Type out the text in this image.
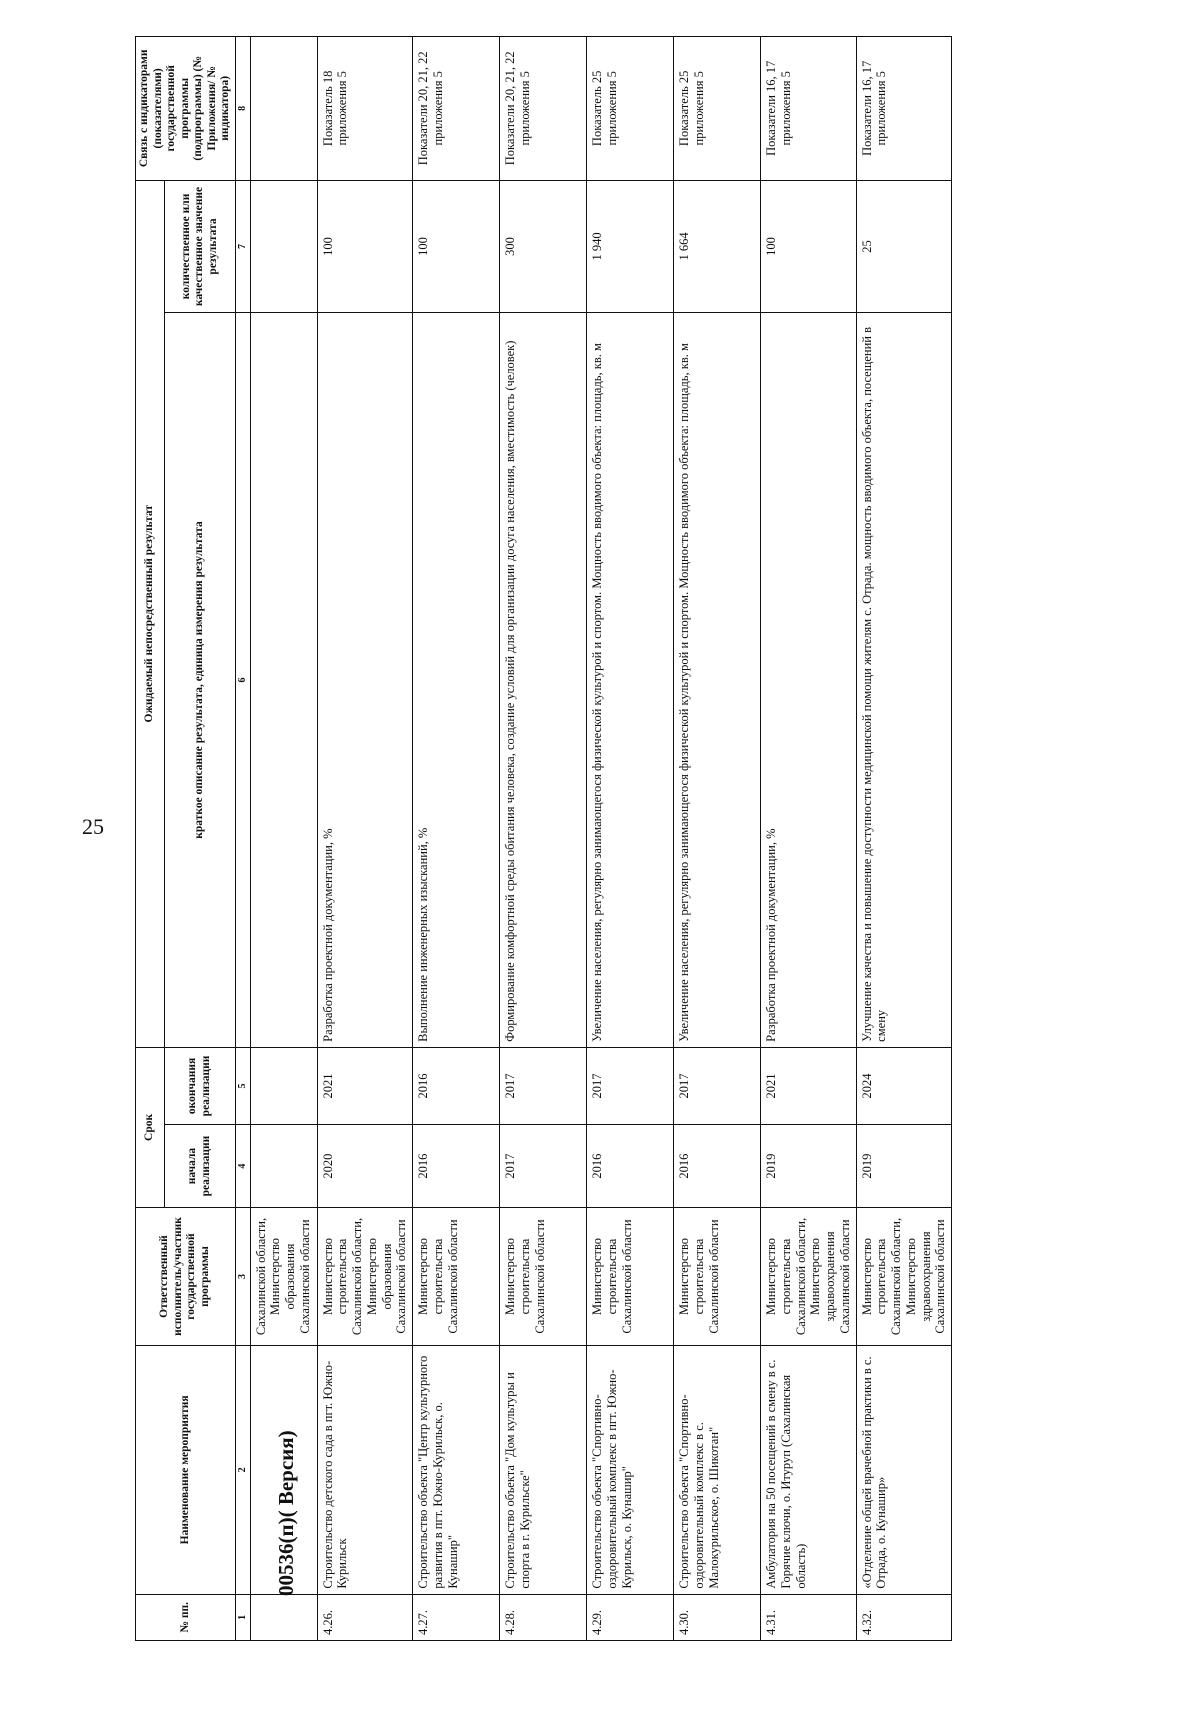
25
№ пп.	Наименование мероприятия	Ответственный исполнитель/участник государственной программы	Срок		Ожидаемый непосредственный результат		Связь с индикаторами (показателями) государственной программы (подпрограммы) (№ Приложения/ № индикатора)
			начала реализации	окончания реализации	краткое описание результата, единица измерения результата	количественное или качественное значение результата	
1	2	3	4	5	6	7	8
		Сахалинской области, Министерство образования Сахалинской области					
4.26.	Строительство детского сада в пгт. Южно-Курильск	Министерство строительства Сахалинской области, Министерство образования Сахалинской области	2020	2021	Разработка проектной документации, %	100	Показатель 18 приложения 5
4.27.	Строительство объекта "Центр культурного развития в пгт. Южно-Курильск, о. Кунашир"	Министерство строительства Сахалинской области	2016	2016	Выполнение инженерных изысканий, %	100	Показатели 20, 21, 22 приложения 5
4.28.	Строительство объекта "Дом культуры и спорта в г. Курильске"	Министерство строительства Сахалинской области	2017	2017	Формирование комфортной среды обитания человека, создание условий для организации досуга населения, вместимость (человек)	300	Показатели 20, 21, 22 приложения 5
4.29.	Строительство объекта "Спортивно-оздоровительный комплекс в пгт. Южно-Курильск, о. Кунашир"	Министерство строительства Сахалинской области	2016	2017	Увеличение населения, регулярно занимающегося физической культурой и спортом. Мощность вводимого объекта: площадь, кв. м	1 940	Показатель 25 приложения 5
4.30.	Строительство объекта "Спортивно-оздоровительный комплекс в с. Малокурильское, о. Шикотан"	Министерство строительства Сахалинской области	2016	2017	Увеличение населения, регулярно занимающегося физической культурой и спортом. Мощность вводимого объекта: площадь, кв. м	1 664	Показатель 25 приложения 5
4.31.	Амбулатория на 50 посещений в смену в с. Горячие ключи, о. Итуруп (Сахалинская область)	Министерство строительства Сахалинской области, Министерство здравоохранения Сахалинской области	2019	2021	Разработка проектной документации, %	100	Показатели 16, 17 приложения 5
4.32.	«Отделение общей врачебной практики в с. Отрада, о. Кунашир»	Министерство строительства Сахалинской области, Министерство здравоохранения Сахалинской области	2019	2024	Улучшение качества и повышение доступности медицинской помощи жителям с. Отрада. мощность вводимого объекта, посещений в смену	25	Показатели 16, 17 приложения 5
00536(п)( Версия)
